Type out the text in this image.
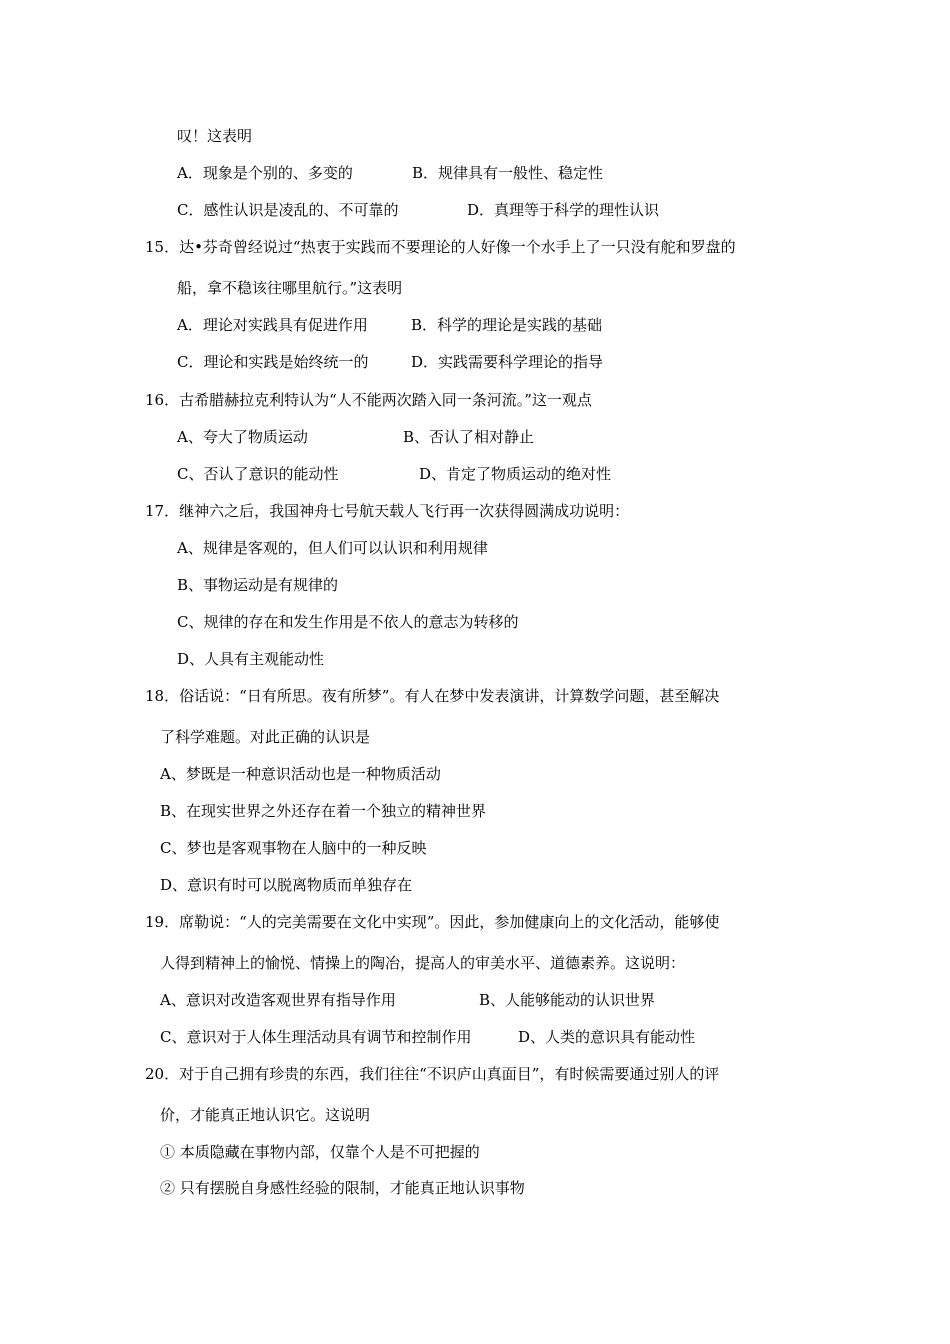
叹！这表明
A．现象是个别的、多变的	B．规律具有一般性、稳定性
C．感性认识是凌乱的、不可靠的	D．真理等于科学的理性认识
15．达•芬奇曾经说过“热衷于实践而不要理论的人好像一个水手上了一只没有舵和罗盘的
船，拿不稳该往哪里航行。”这表明
A．理论对实践具有促进作用	B．科学的理论是实践的基础
C．理论和实践是始终统一的	D．实践需要科学理论的指导
16．古希腊赫拉克利特认为“人不能两次踏入同一条河流。”这一观点
A、夸大了物质运动	B、否认了相对静止
C、否认了意识的能动性	D、肯定了物质运动的绝对性
17．继神六之后，我国神舟七号航天载人飞行再一次获得圆满成功说明：
A、规律是客观的，但人们可以认识和利用规律
B、事物运动是有规律的
C、规律的存在和发生作用是不依人的意志为转移的
D、人具有主观能动性
18．俗话说：“日有所思。夜有所梦”。有人在梦中发表演讲，计算数学问题，甚至解决
了科学难题。对此正确的认识是
A、梦既是一种意识活动也是一种物质活动
B、在现实世界之外还存在着一个独立的精神世界
C、梦也是客观事物在人脑中的一种反映
D、意识有时可以脱离物质而单独存在
19．席勒说：“人的完美需要在文化中实现”。因此，参加健康向上的文化活动，能够使
人得到精神上的愉悦、情操上的陶冶，提高人的审美水平、道德素养。这说明：
A、意识对改造客观世界有指导作用	B、人能够能动的认识世界
C、意识对于人体生理活动具有调节和控制作用	D、人类的意识具有能动性
20．对于自己拥有珍贵的东西，我们往往“不识庐山真面目”，有时候需要通过别人的评
价，才能真正地认识它。这说明
① 本质隐藏在事物内部，仅靠个人是不可把握的
② 只有摆脱自身感性经验的限制，才能真正地认识事物
